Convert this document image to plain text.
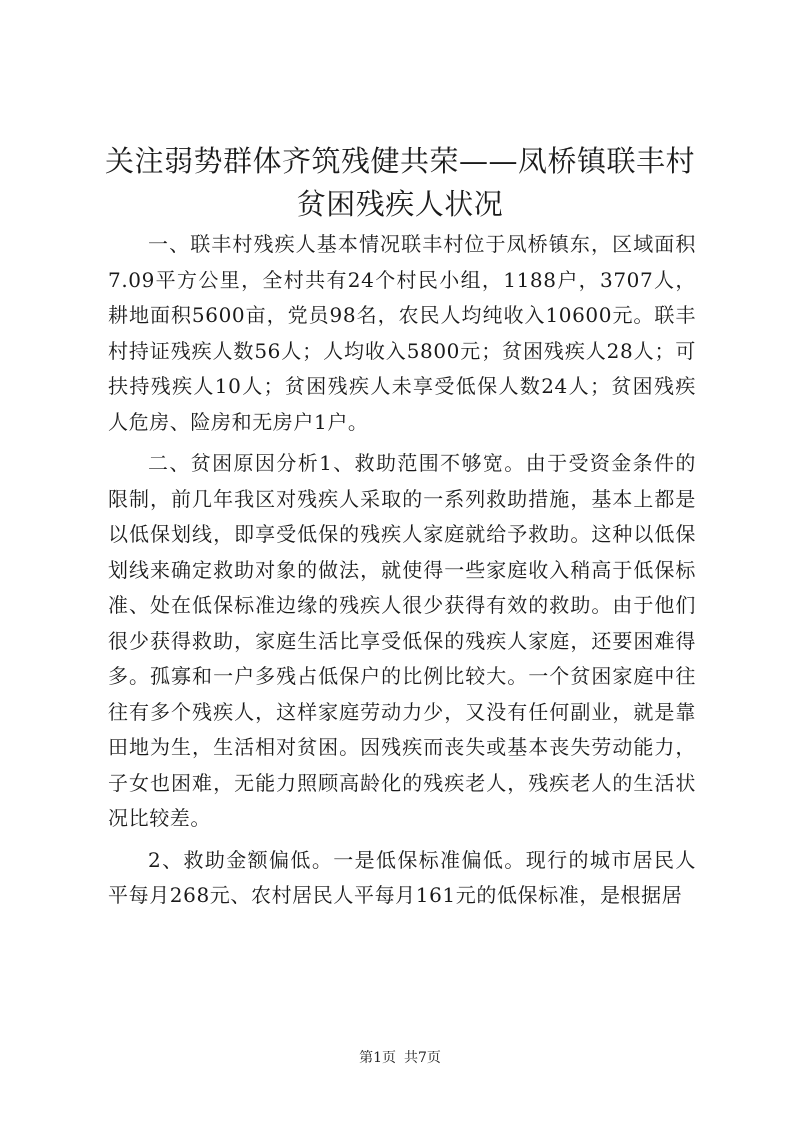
关注弱势群体齐筑残健共荣——凤桥镇联丰村
贫困残疾人状况

一、联丰村残疾人基本情况联丰村位于凤桥镇东，区域面积7.09平方公里，全村共有24个村民小组，1188户，3707人，耕地面积5600亩，党员98名，农民人均纯收入10600元。联丰村持证残疾人数56人；人均收入5800元；贫困残疾人28人；可扶持残疾人10人；贫困残疾人未享受低保人数24人；贫困残疾人危房、险房和无房户1户。

二、贫困原因分析1、救助范围不够宽。由于受资金条件的限制，前几年我区对残疾人采取的一系列救助措施，基本上都是以低保划线，即享受低保的残疾人家庭就给予救助。这种以低保划线来确定救助对象的做法，就使得一些家庭收入稍高于低保标准、处在低保标准边缘的残疾人很少获得有效的救助。由于他们很少获得救助，家庭生活比享受低保的残疾人家庭，还要困难得多。孤寡和一户多残占低保户的比例比较大。一个贫困家庭中往往有多个残疾人，这样家庭劳动力少，又没有任何副业，就是靠田地为生，生活相对贫困。因残疾而丧失或基本丧失劳动能力，子女也困难，无能力照顾高龄化的残疾老人，残疾老人的生活状况比较差。

2、救助金额偏低。一是低保标准偏低。现行的城市居民人平每月268元、农村居民人平每月161元的低保标准，是根据居

第1页 共7页
